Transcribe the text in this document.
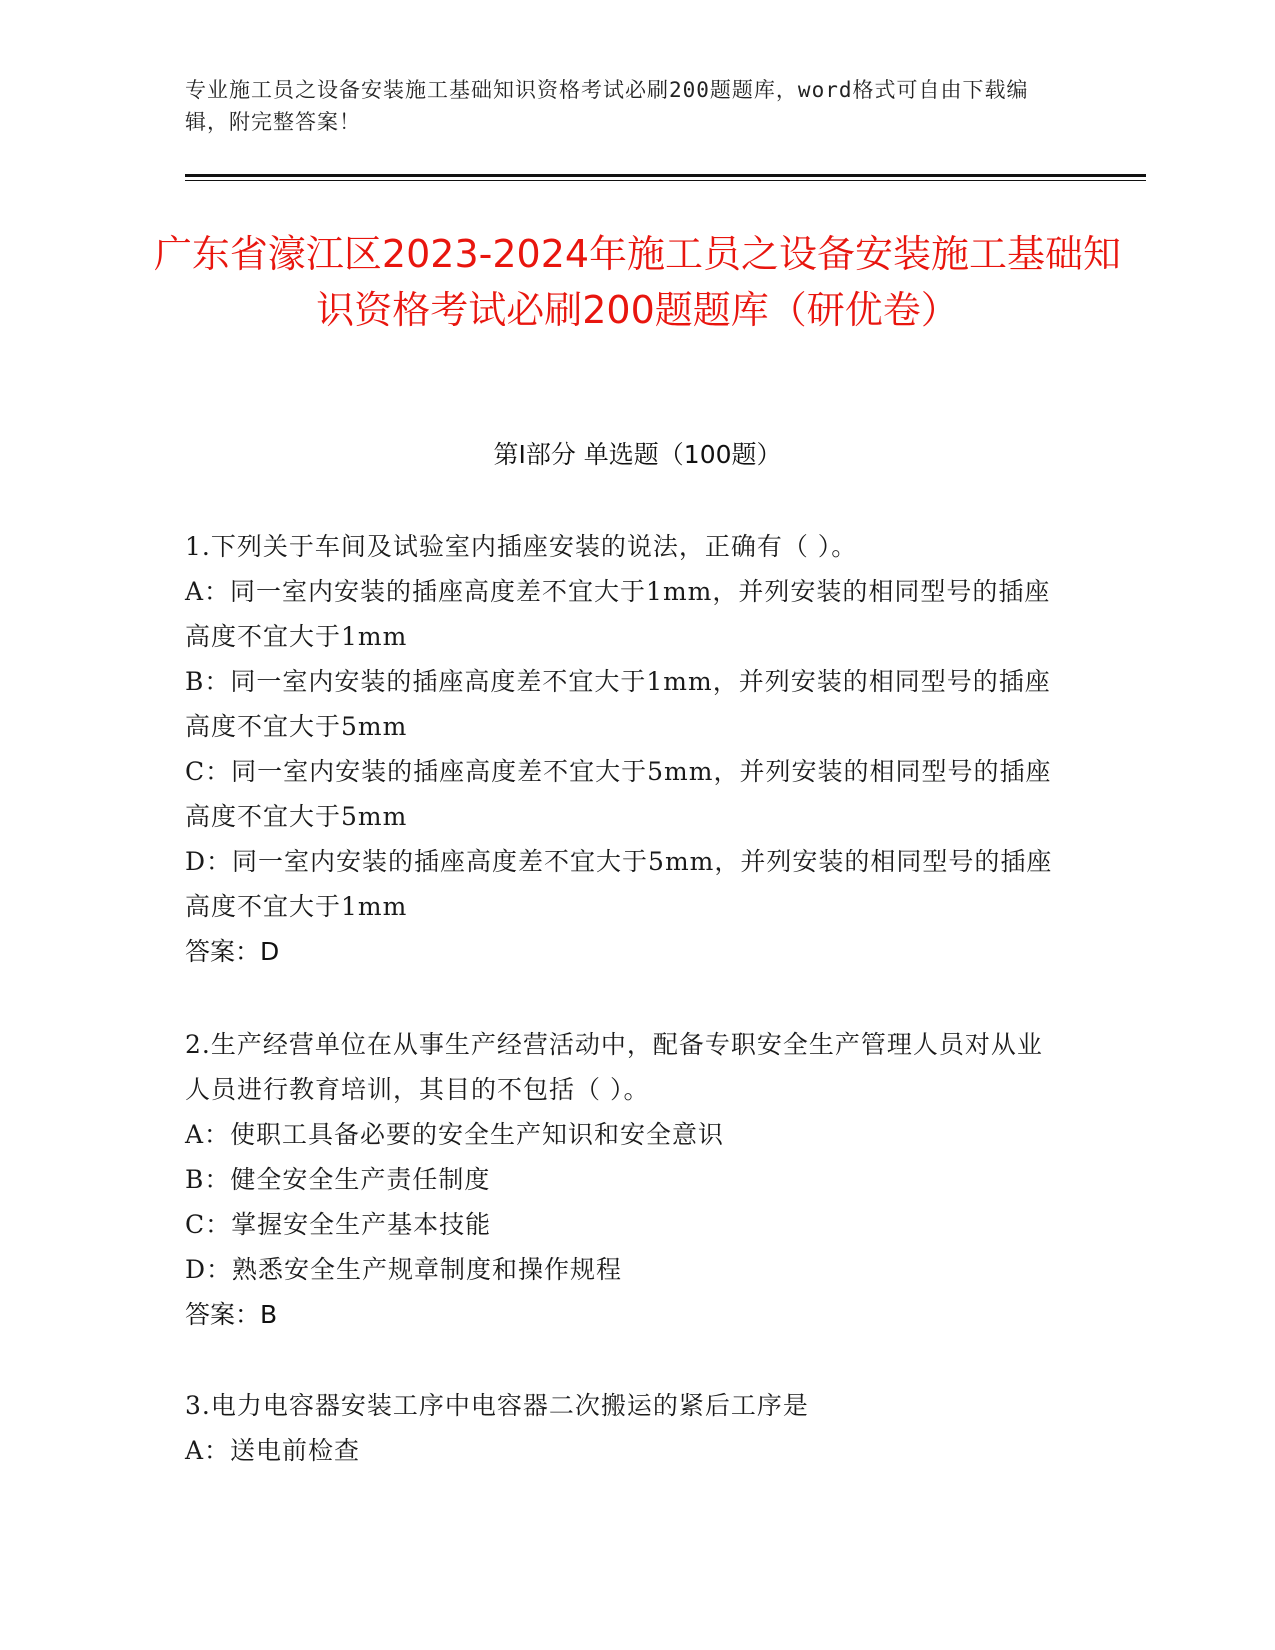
专业施工员之设备安装施工基础知识资格考试必刷200题题库，word格式可自由下载编辑，附完整答案！
广东省濠江区2023-2024年施工员之设备安装施工基础知识资格考试必刷200题题库（研优卷）
第Ⅰ部分 单选题（100题）

1.下列关于车间及试验室内插座安装的说法，正确有（ ）。

A：同一室内安装的插座高度差不宜大于1mm，并列安装的相同型号的插座高度不宜大于1mm

B：同一室内安装的插座高度差不宜大于1mm，并列安装的相同型号的插座高度不宜大于5mm

C：同一室内安装的插座高度差不宜大于5mm，并列安装的相同型号的插座高度不宜大于5mm

D：同一室内安装的插座高度差不宜大于5mm，并列安装的相同型号的插座高度不宜大于1mm

答案：D

2.生产经营单位在从事生产经营活动中，配备专职安全生产管理人员对从业人员进行教育培训，其目的不包括（ ）。

A：使职工具备必要的安全生产知识和安全意识

B：健全安全生产责任制度

C：掌握安全生产基本技能

D：熟悉安全生产规章制度和操作规程

答案：B

3.电力电容器安装工序中电容器二次搬运的紧后工序是

A：送电前检查
